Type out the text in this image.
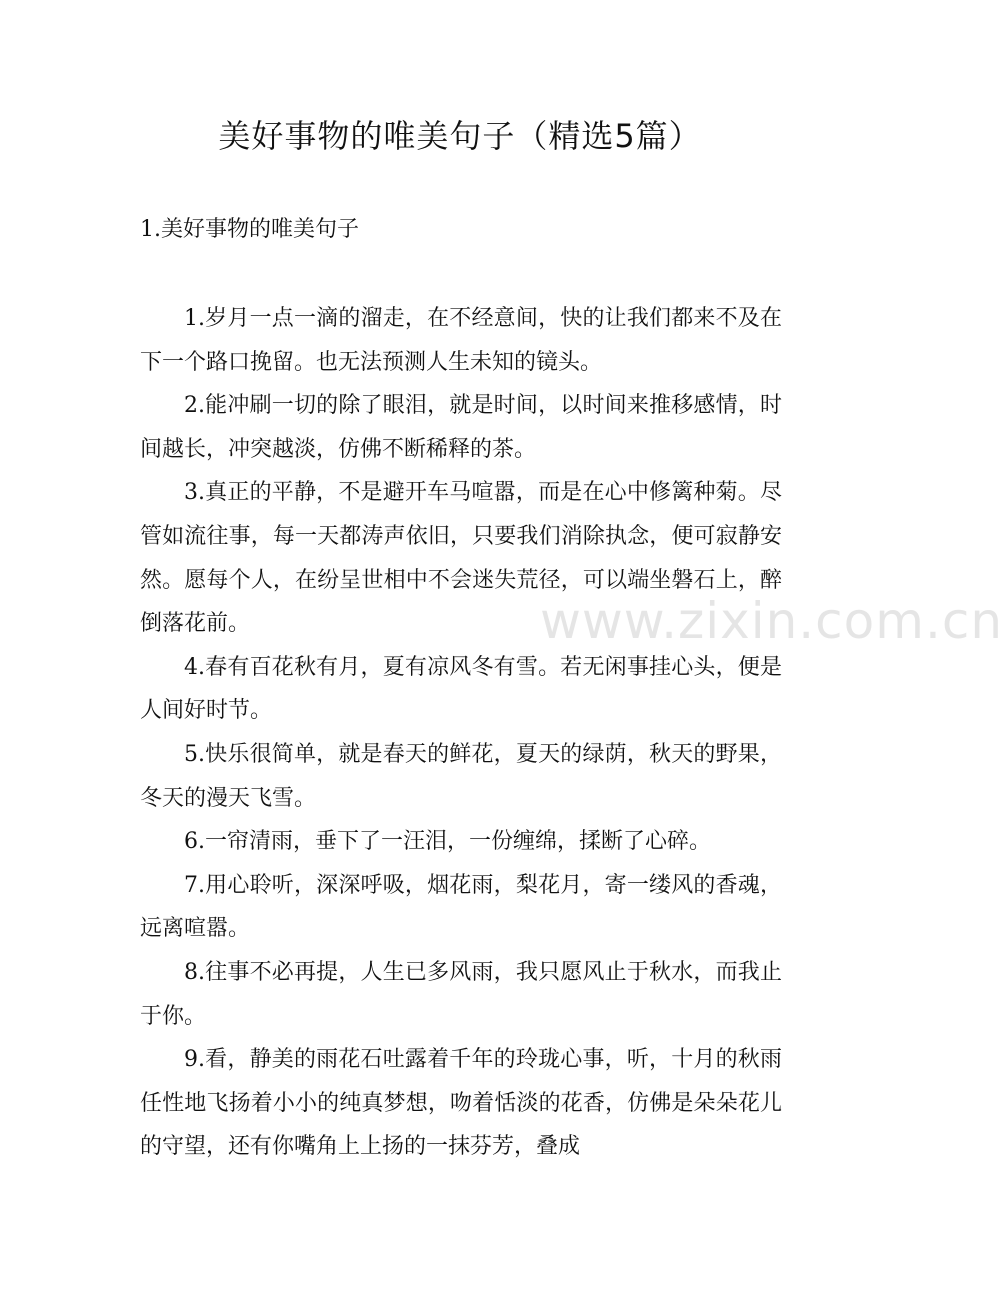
美好事物的唯美句子（精选5篇）
1.美好事物的唯美句子

1.岁月一点一滴的溜走，在不经意间，快的让我们都来不及在下一个路口挽留。也无法预测人生未知的镜头。

2.能冲刷一切的除了眼泪，就是时间，以时间来推移感情，时间越长，冲突越淡，仿佛不断稀释的茶。

3.真正的平静，不是避开车马喧嚣，而是在心中修篱种菊。尽管如流往事，每一天都涛声依旧，只要我们消除执念，便可寂静安然。愿每个人，在纷呈世相中不会迷失荒径，可以端坐磐石上，醉倒落花前。

4.春有百花秋有月，夏有凉风冬有雪。若无闲事挂心头，便是人间好时节。

5.快乐很简单，就是春天的鲜花，夏天的绿荫，秋天的野果，冬天的漫天飞雪。

6.一帘清雨，垂下了一汪泪，一份缠绵，揉断了心碎。

7.用心聆听，深深呼吸，烟花雨，梨花月，寄一缕风的香魂，远离喧嚣。

8.往事不必再提，人生已多风雨，我只愿风止于秋水，而我止于你。

9.看，静美的雨花石吐露着千年的玲珑心事，听，十月的秋雨任性地飞扬着小小的纯真梦想，吻着恬淡的花香，仿佛是朵朵花儿的守望，还有你嘴角上上扬的一抹芬芳，叠成

www.zixin.com.cn
